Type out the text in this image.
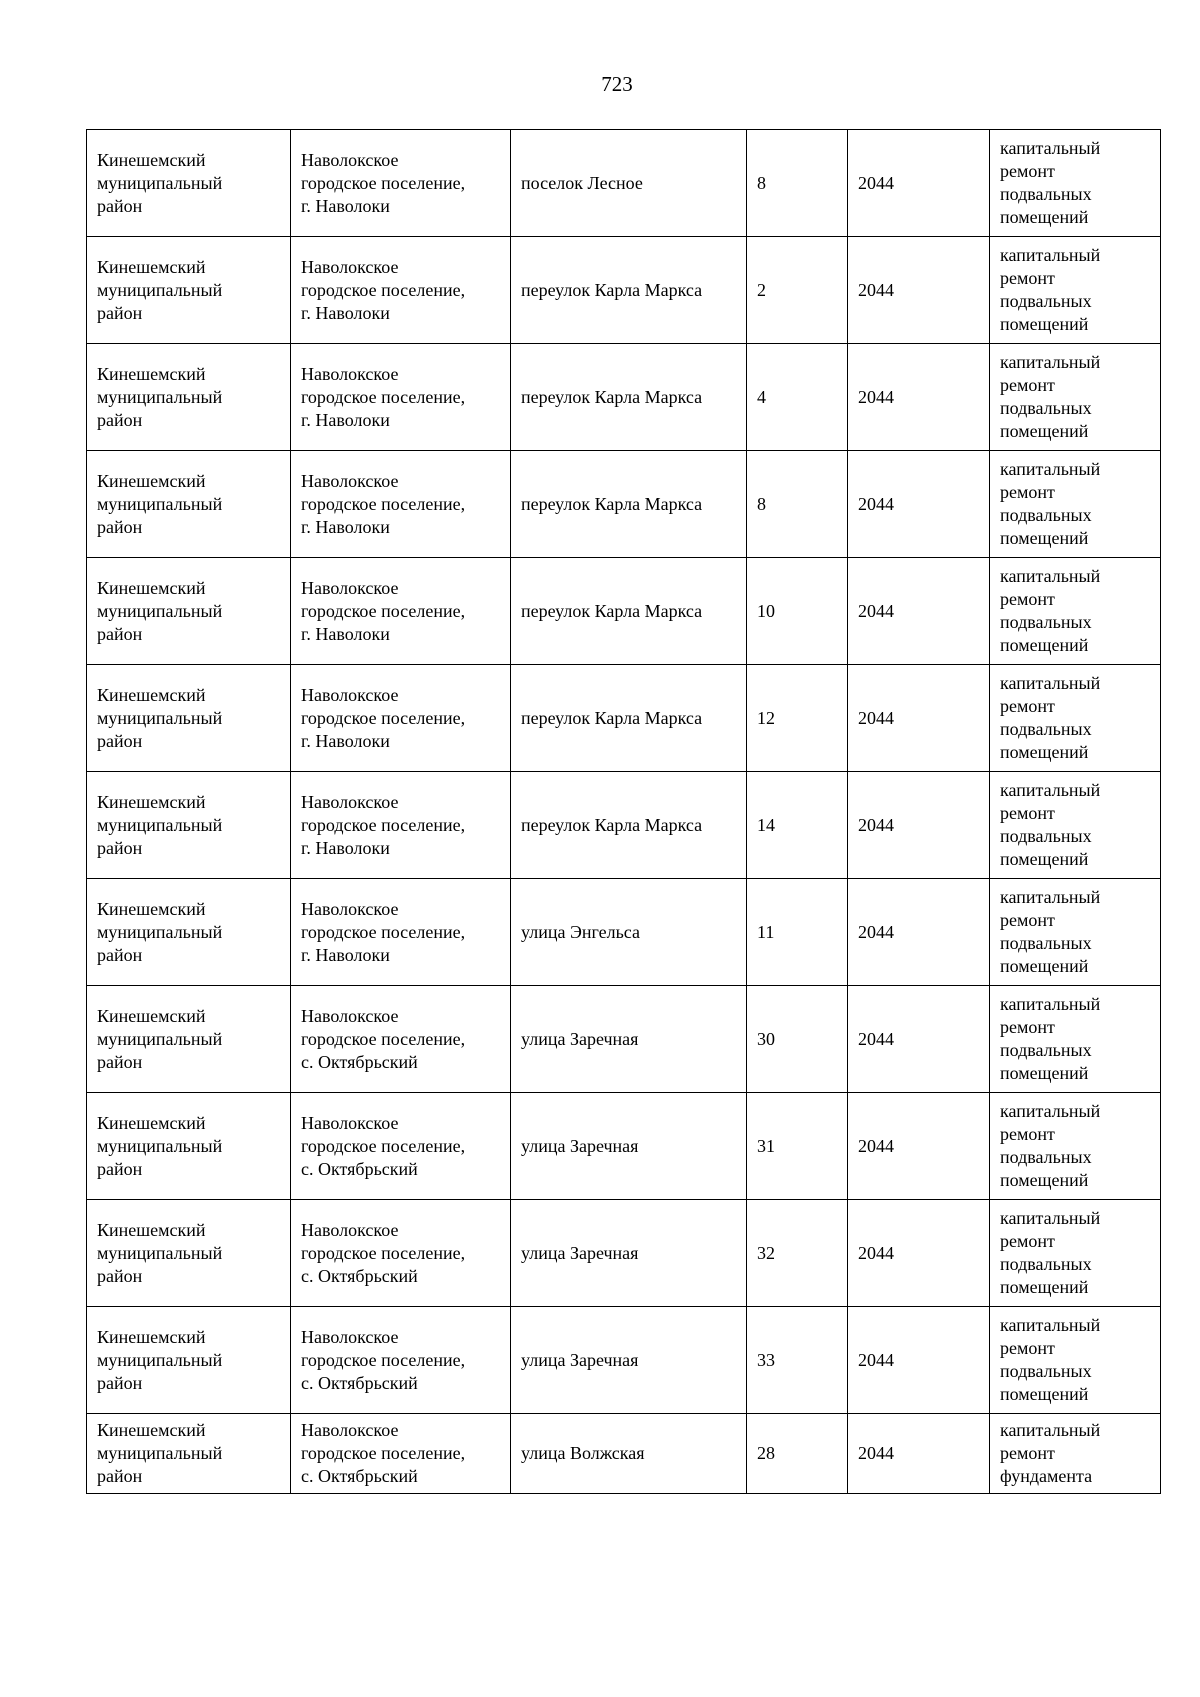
723
Кинешемский
муниципальный
район	Наволокское
городское поселение,
г. Наволоки	поселок Лесное	8	2044	капитальный
ремонт
подвальных
помещений

Кинешемский
муниципальный
район	Наволокское
городское поселение,
г. Наволоки	переулок Карла Маркса	2	2044	капитальный
ремонт
подвальных
помещений

Кинешемский
муниципальный
район	Наволокское
городское поселение,
г. Наволоки	переулок Карла Маркса	4	2044	капитальный
ремонт
подвальных
помещений

Кинешемский
муниципальный
район	Наволокское
городское поселение,
г. Наволоки	переулок Карла Маркса	8	2044	капитальный
ремонт
подвальных
помещений

Кинешемский
муниципальный
район	Наволокское
городское поселение,
г. Наволоки	переулок Карла Маркса	10	2044	капитальный
ремонт
подвальных
помещений

Кинешемский
муниципальный
район	Наволокское
городское поселение,
г. Наволоки	переулок Карла Маркса	12	2044	капитальный
ремонт
подвальных
помещений

Кинешемский
муниципальный
район	Наволокское
городское поселение,
г. Наволоки	переулок Карла Маркса	14	2044	капитальный
ремонт
подвальных
помещений

Кинешемский
муниципальный
район	Наволокское
городское поселение,
г. Наволоки	улица Энгельса	11	2044	капитальный
ремонт
подвальных
помещений

Кинешемский
муниципальный
район	Наволокское
городское поселение,
с. Октябрьский	улица Заречная	30	2044	капитальный
ремонт
подвальных
помещений

Кинешемский
муниципальный
район	Наволокское
городское поселение,
с. Октябрьский	улица Заречная	31	2044	капитальный
ремонт
подвальных
помещений

Кинешемский
муниципальный
район	Наволокское
городское поселение,
с. Октябрьский	улица Заречная	32	2044	капитальный
ремонт
подвальных
помещений

Кинешемский
муниципальный
район	Наволокское
городское поселение,
с. Октябрьский	улица Заречная	33	2044	капитальный
ремонт
подвальных
помещений

Кинешемский
муниципальный
район	Наволокское
городское поселение,
с. Октябрьский	улица Волжская	28	2044	капитальный
ремонт
фундамента
